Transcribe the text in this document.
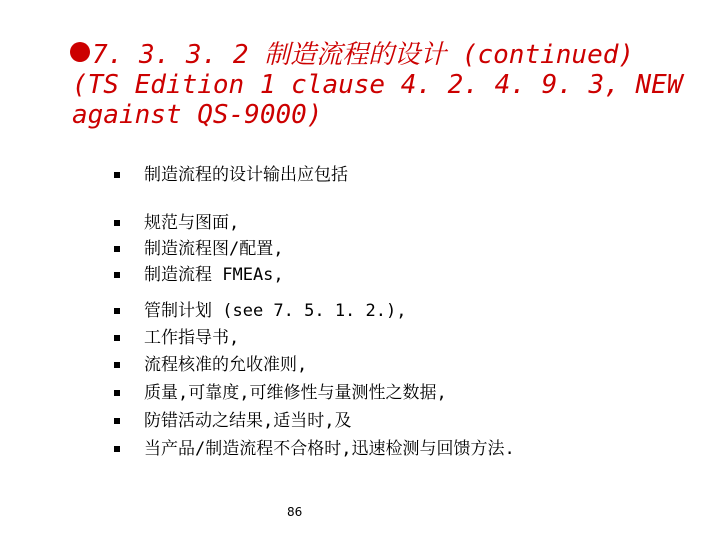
7. 3. 3. 2 制造流程的设计 (continued)
(TS Edition 1 clause 4. 2. 4. 9. 3, NEW
against QS-9000)
制造流程的设计输出应包括
规范与图面,
制造流程图/配置,
制造流程 FMEAs,
管制计划 (see 7. 5. 1. 2.),
工作指导书,
流程核准的允收准则,
质量,可靠度,可维修性与量测性之数据,
防错活动之结果,适当时,及
当产品/制造流程不合格时,迅速检测与回馈方法.
86
